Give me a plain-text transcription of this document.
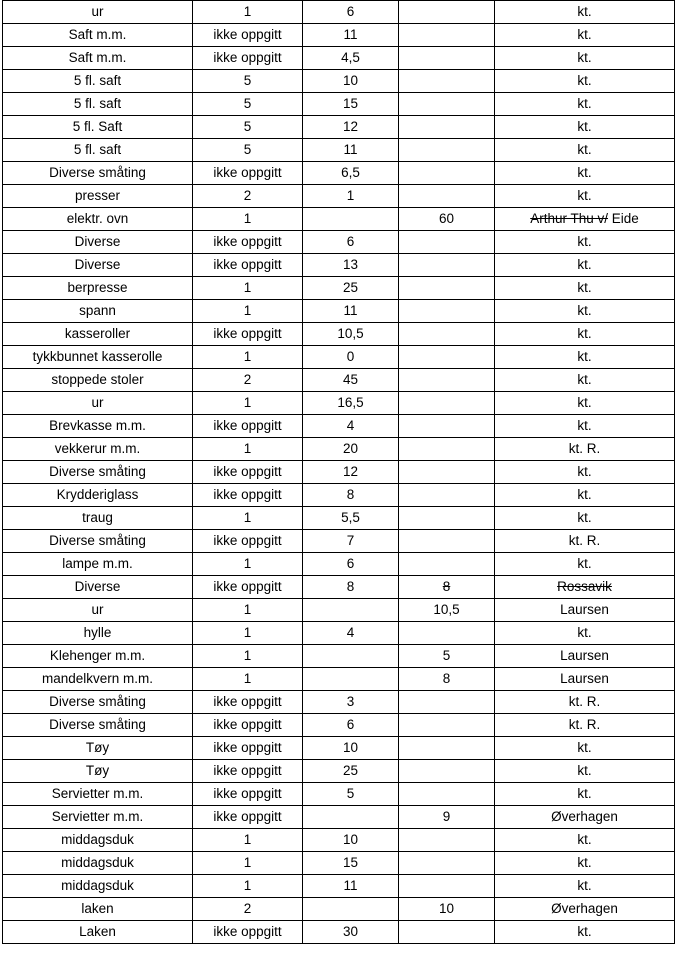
ur	1	6		kt.
Saft m.m.	ikke oppgitt	11		kt.
Saft m.m.	ikke oppgitt	4,5		kt.
5 fl. saft	5	10		kt.
5 fl. saft	5	15		kt.
5 fl. Saft	5	12		kt.
5 fl. saft	5	11		kt.
Diverse småting	ikke oppgitt	6,5		kt.
presser	2	1		kt.
elektr. ovn	1		60	Arthur Thu v/ Eide
Diverse	ikke oppgitt	6		kt.
Diverse	ikke oppgitt	13		kt.
berpresse	1	25		kt.
spann	1	11		kt.
kasseroller	ikke oppgitt	10,5		kt.
tykkbunnet kasserolle	1	0		kt.
stoppede stoler	2	45		kt.
ur	1	16,5		kt.
Brevkasse m.m.	ikke oppgitt	4		kt.
vekkerur m.m.	1	20		kt. R.
Diverse småting	ikke oppgitt	12		kt.
Krydderiglass	ikke oppgitt	8		kt.
traug	1	5,5		kt.
Diverse småting	ikke oppgitt	7		kt. R.
lampe m.m.	1	6		kt.
Diverse	ikke oppgitt	8	8	Rossavik
ur	1		10,5	Laursen
hylle	1	4		kt.
Klehenger m.m.	1		5	Laursen
mandelkvern m.m.	1		8	Laursen
Diverse småting	ikke oppgitt	3		kt. R.
Diverse småting	ikke oppgitt	6		kt. R.
Tøy	ikke oppgitt	10		kt.
Tøy	ikke oppgitt	25		kt.
Servietter m.m.	ikke oppgitt	5		kt.
Servietter m.m.	ikke oppgitt		9	Øverhagen
middagsduk	1	10		kt.
middagsduk	1	15		kt.
middagsduk	1	11		kt.
laken	2		10	Øverhagen
Laken	ikke oppgitt	30		kt.
